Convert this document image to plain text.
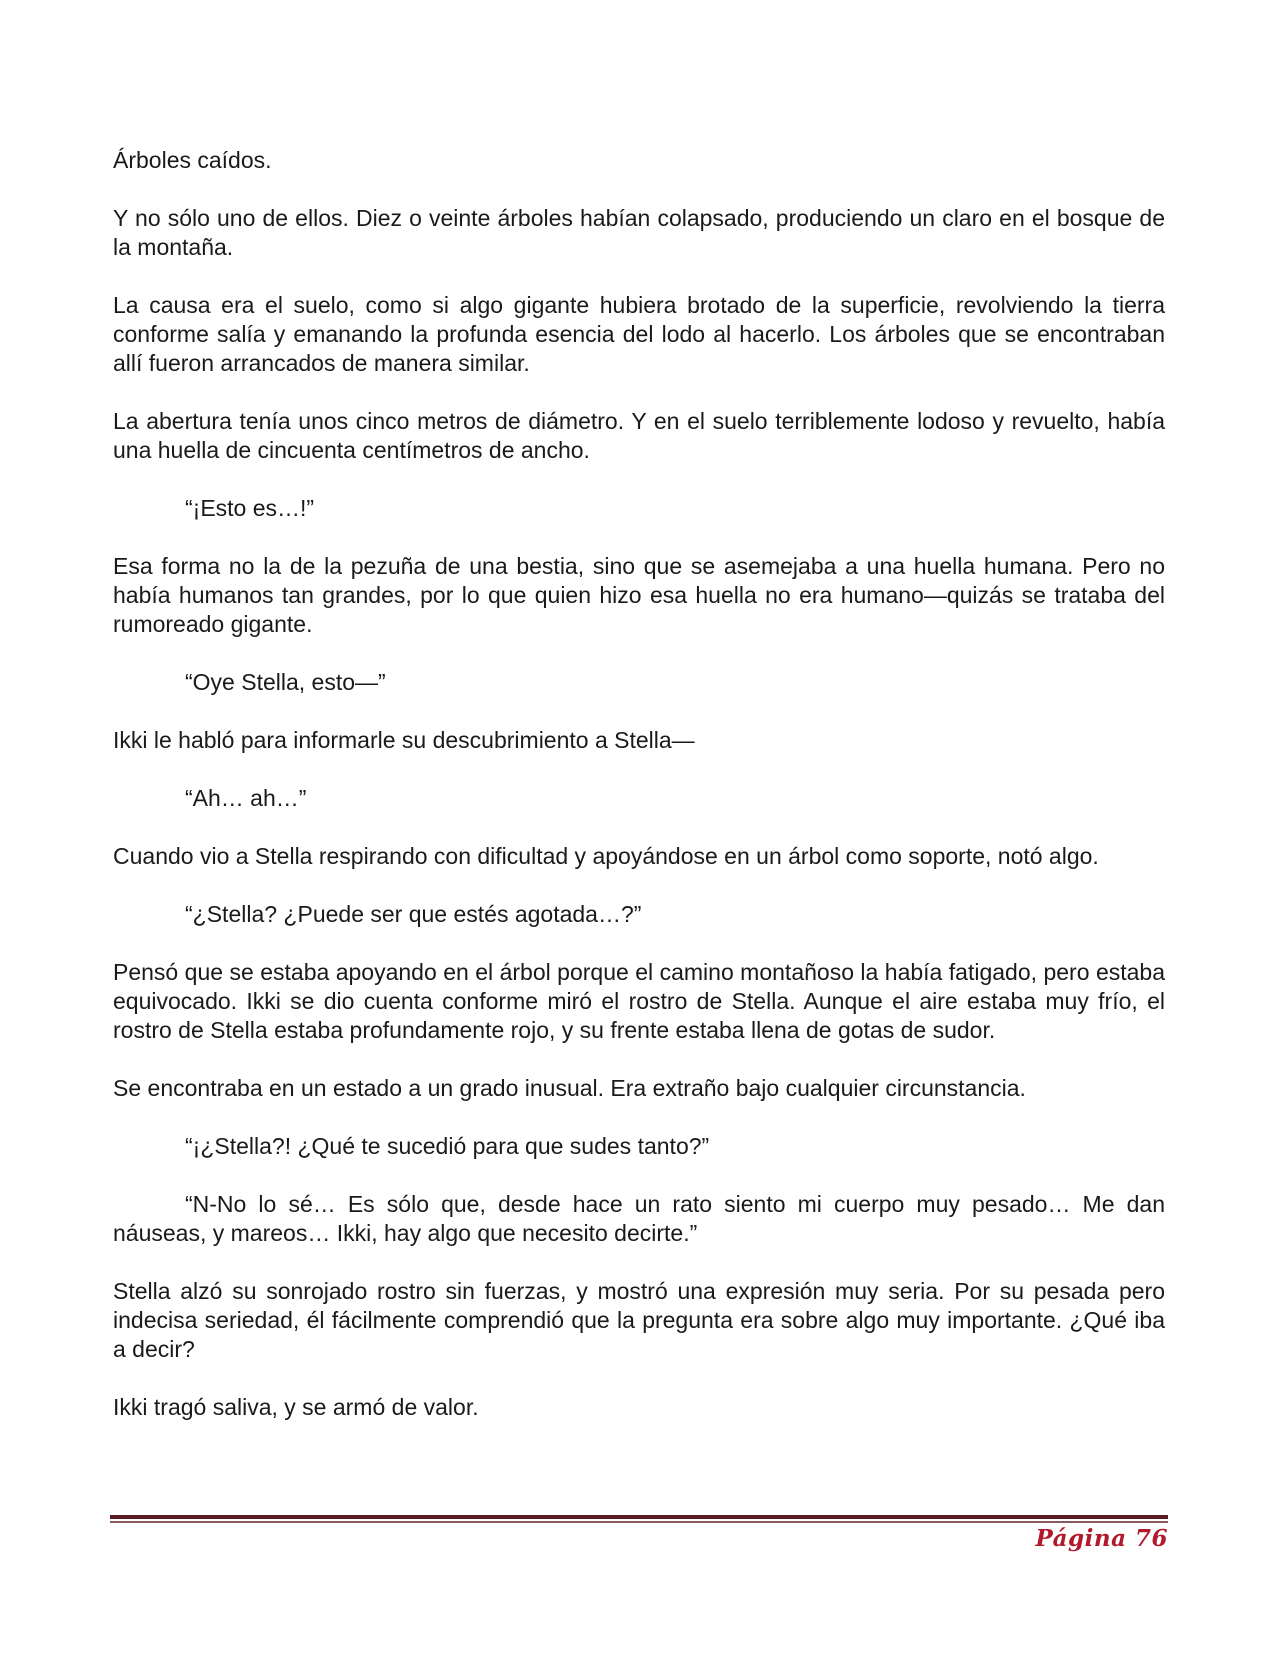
Árboles caídos.

Y no sólo uno de ellos. Diez o veinte árboles habían colapsado, produciendo un claro en el bosque de la montaña.

La causa era el suelo, como si algo gigante hubiera brotado de la superficie, revolviendo la tierra conforme salía y emanando la profunda esencia del lodo al hacerlo. Los árboles que se encontraban allí fueron arrancados de manera similar.

La abertura tenía unos cinco metros de diámetro. Y en el suelo terriblemente lodoso y revuelto, había una huella de cincuenta centímetros de ancho.

“¡Esto es…!”

Esa forma no la de la pezuña de una bestia, sino que se asemejaba a una huella humana. Pero no había humanos tan grandes, por lo que quien hizo esa huella no era humano—quizás se trataba del rumoreado gigante.

“Oye Stella, esto—”

Ikki le habló para informarle su descubrimiento a Stella—

“Ah… ah…”

Cuando vio a Stella respirando con dificultad y apoyándose en un árbol como soporte, notó algo.

“¿Stella? ¿Puede ser que estés agotada…?”

Pensó que se estaba apoyando en el árbol porque el camino montañoso la había fatigado, pero estaba equivocado. Ikki se dio cuenta conforme miró el rostro de Stella. Aunque el aire estaba muy frío, el rostro de Stella estaba profundamente rojo, y su frente estaba llena de gotas de sudor.

Se encontraba en un estado a un grado inusual. Era extraño bajo cualquier circunstancia.

“¡¿Stella?! ¿Qué te sucedió para que sudes tanto?”

“N-No lo sé… Es sólo que, desde hace un rato siento mi cuerpo muy pesado… Me dan náuseas, y mareos… Ikki, hay algo que necesito decirte.”

Stella alzó su sonrojado rostro sin fuerzas, y mostró una expresión muy seria. Por su pesada pero indecisa seriedad, él fácilmente comprendió que la pregunta era sobre algo muy importante. ¿Qué iba a decir?

Ikki tragó saliva, y se armó de valor.

Página 76
